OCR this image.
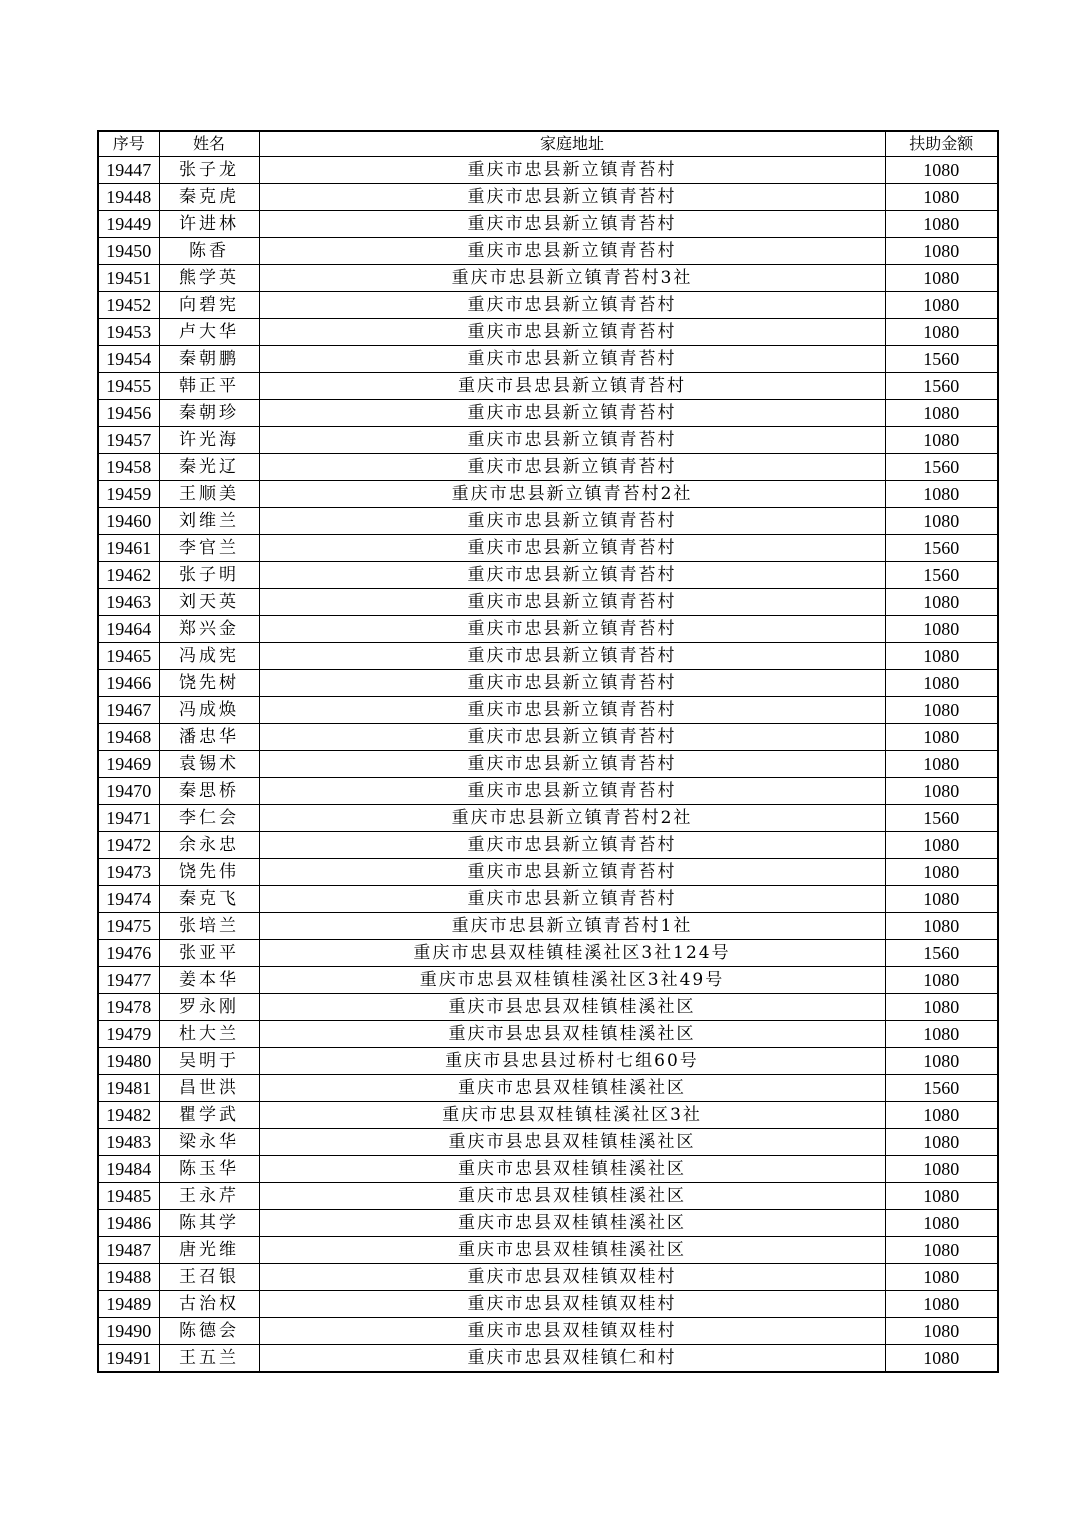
序号	姓名	家庭地址	扶助金额
19447	张子龙	重庆市忠县新立镇青苔村	1080
19448	秦克虎	重庆市忠县新立镇青苔村	1080
19449	许进林	重庆市忠县新立镇青苔村	1080
19450	陈香	重庆市忠县新立镇青苔村	1080
19451	熊学英	重庆市忠县新立镇青苔村3社	1080
19452	向碧宪	重庆市忠县新立镇青苔村	1080
19453	卢大华	重庆市忠县新立镇青苔村	1080
19454	秦朝鹏	重庆市忠县新立镇青苔村	1560
19455	韩正平	重庆市县忠县新立镇青苔村	1560
19456	秦朝珍	重庆市忠县新立镇青苔村	1080
19457	许光海	重庆市忠县新立镇青苔村	1080
19458	秦光辽	重庆市忠县新立镇青苔村	1560
19459	王顺美	重庆市忠县新立镇青苔村2社	1080
19460	刘维兰	重庆市忠县新立镇青苔村	1080
19461	李官兰	重庆市忠县新立镇青苔村	1560
19462	张子明	重庆市忠县新立镇青苔村	1560
19463	刘天英	重庆市忠县新立镇青苔村	1080
19464	郑兴金	重庆市忠县新立镇青苔村	1080
19465	冯成宪	重庆市忠县新立镇青苔村	1080
19466	饶先树	重庆市忠县新立镇青苔村	1080
19467	冯成焕	重庆市忠县新立镇青苔村	1080
19468	潘忠华	重庆市忠县新立镇青苔村	1080
19469	袁锡术	重庆市忠县新立镇青苔村	1080
19470	秦思桥	重庆市忠县新立镇青苔村	1080
19471	李仁会	重庆市忠县新立镇青苔村2社	1560
19472	余永忠	重庆市忠县新立镇青苔村	1080
19473	饶先伟	重庆市忠县新立镇青苔村	1080
19474	秦克飞	重庆市忠县新立镇青苔村	1080
19475	张培兰	重庆市忠县新立镇青苔村1社	1080
19476	张亚平	重庆市忠县双桂镇桂溪社区3社124号	1560
19477	姜本华	重庆市忠县双桂镇桂溪社区3社49号	1080
19478	罗永刚	重庆市县忠县双桂镇桂溪社区	1080
19479	杜大兰	重庆市县忠县双桂镇桂溪社区	1080
19480	吴明于	重庆市县忠县过桥村七组60号	1080
19481	昌世洪	重庆市忠县双桂镇桂溪社区	1560
19482	瞿学武	重庆市忠县双桂镇桂溪社区3社	1080
19483	梁永华	重庆市县忠县双桂镇桂溪社区	1080
19484	陈玉华	重庆市忠县双桂镇桂溪社区	1080
19485	王永芹	重庆市忠县双桂镇桂溪社区	1080
19486	陈其学	重庆市忠县双桂镇桂溪社区	1080
19487	唐光维	重庆市忠县双桂镇桂溪社区	1080
19488	王召银	重庆市忠县双桂镇双桂村	1080
19489	古治权	重庆市忠县双桂镇双桂村	1080
19490	陈德会	重庆市忠县双桂镇双桂村	1080
19491	王五兰	重庆市忠县双桂镇仁和村	1080
